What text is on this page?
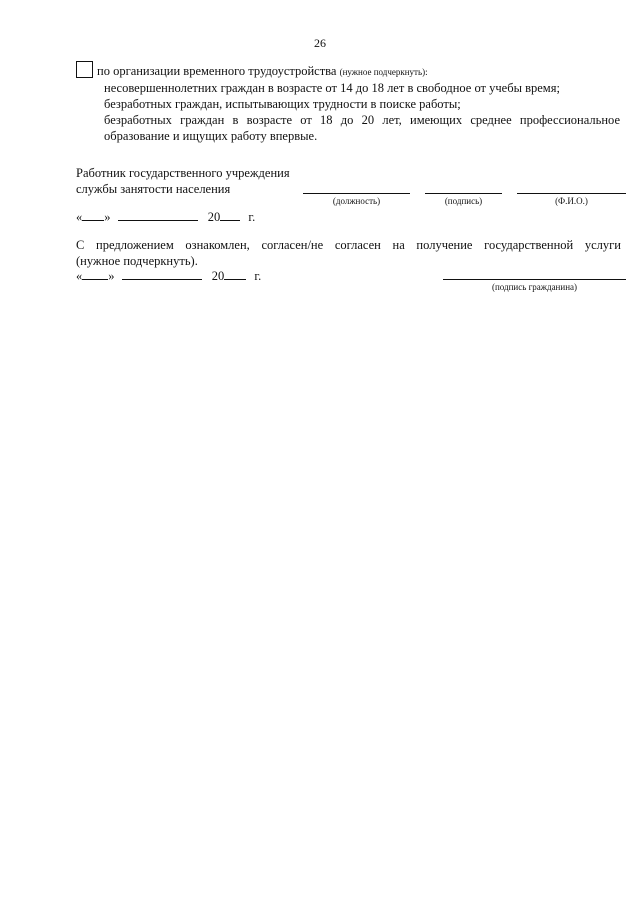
26
по организации временного трудоустройства (нужное подчеркнуть):
несовершеннолетних граждан в возрасте от 14 до 18 лет в свободное от учебы время;
безработных граждан, испытывающих трудности в поиске работы;
безработных граждан в возрасте от 18 до 20 лет, имеющих среднее профессиональное
образование и ищущих работу впервые.
Работник государственного учреждения
службы занятости населения
(должность)	(подпись)	(Ф.И.О.)
« »	20 г.
С предложением ознакомлен, согласен/не согласен на получение государственной услуги
(нужное подчеркнуть).
« »	20 г.
(подпись гражданина)
